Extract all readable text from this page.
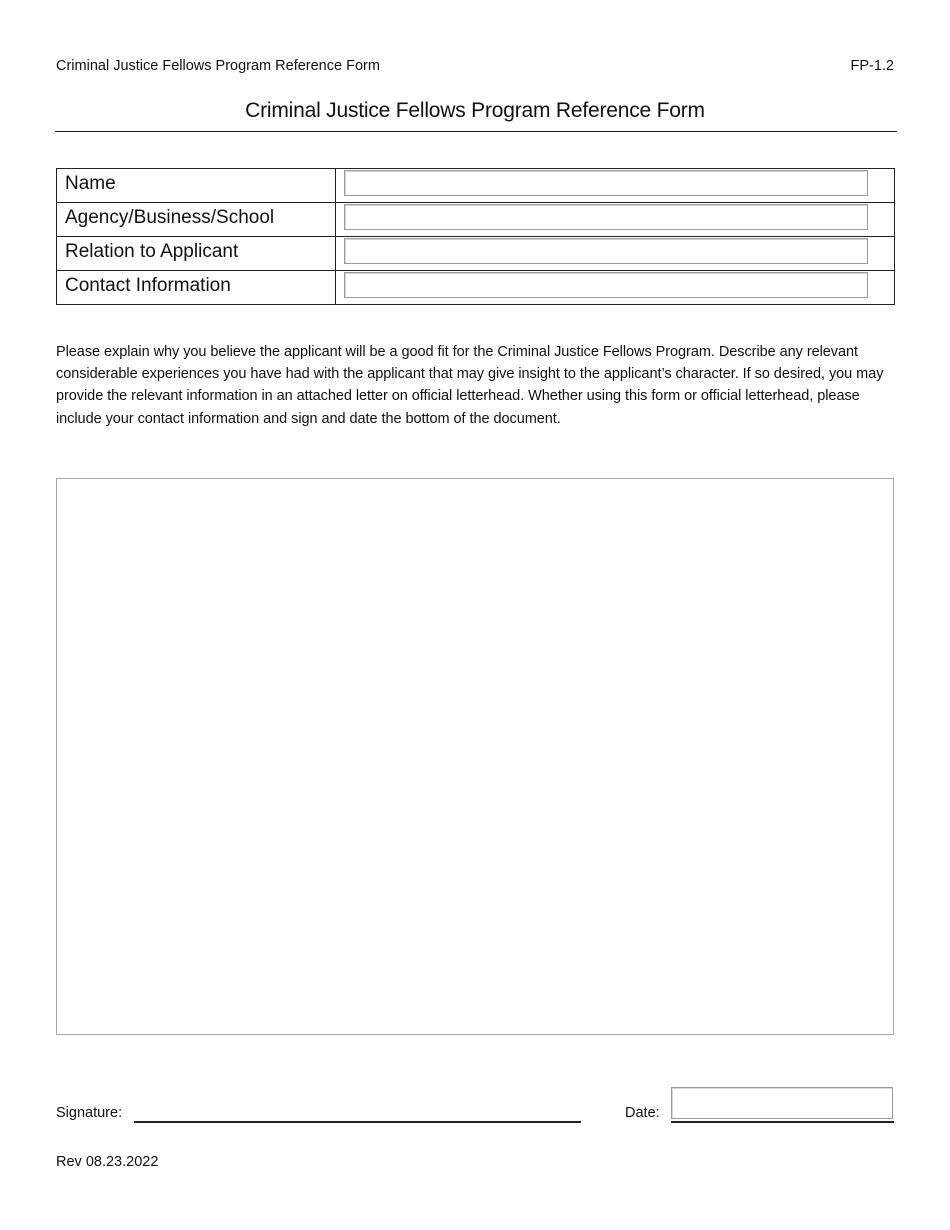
Criminal Justice Fellows Program Reference Form	FP-1.2
Criminal Justice Fellows Program Reference Form
Name	

Agency/Business/School	

Relation to Applicant	

Contact Information	
Please explain why you believe the applicant will be a good fit for the Criminal Justice Fellows Program. Describe any relevant considerable experiences you have had with the applicant that may give insight to the applicant’s character. If so desired, you may provide the relevant information in an attached letter on official letterhead. Whether using this form or official letterhead, please include your contact information and sign and date the bottom of the document.
Signature:	Date:
Rev 08.23.2022
